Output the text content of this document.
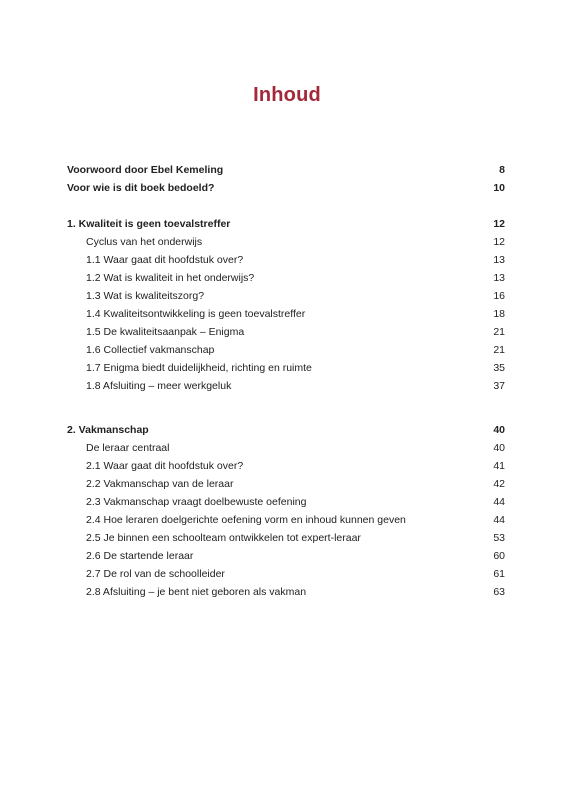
Inhoud
Voorwoord door Ebel Kemeling	8
Voor wie is dit boek bedoeld?	10
1. Kwaliteit is geen toevalstreffer	12
Cyclus van het onderwijs	12
1.1 Waar gaat dit hoofdstuk over?	13
1.2 Wat is kwaliteit in het onderwijs?	13
1.3 Wat is kwaliteitszorg?	16
1.4 Kwaliteitsontwikkeling is geen toevalstreffer	18
1.5 De kwaliteitsaanpak – Enigma	21
1.6 Collectief vakmanschap	21
1.7 Enigma biedt duidelijkheid, richting en ruimte	35
1.8 Afsluiting – meer werkgeluk	37
2. Vakmanschap	40
De leraar centraal	40
2.1 Waar gaat dit hoofdstuk over?	41
2.2 Vakmanschap van de leraar	42
2.3 Vakmanschap vraagt doelbewuste oefening	44
2.4 Hoe leraren doelgerichte oefening vorm en inhoud kunnen geven	44
2.5 Je binnen een schoolteam ontwikkelen tot expert-leraar	53
2.6 De startende leraar	60
2.7 De rol van de schoolleider	61
2.8 Afsluiting – je bent niet geboren als vakman	63
